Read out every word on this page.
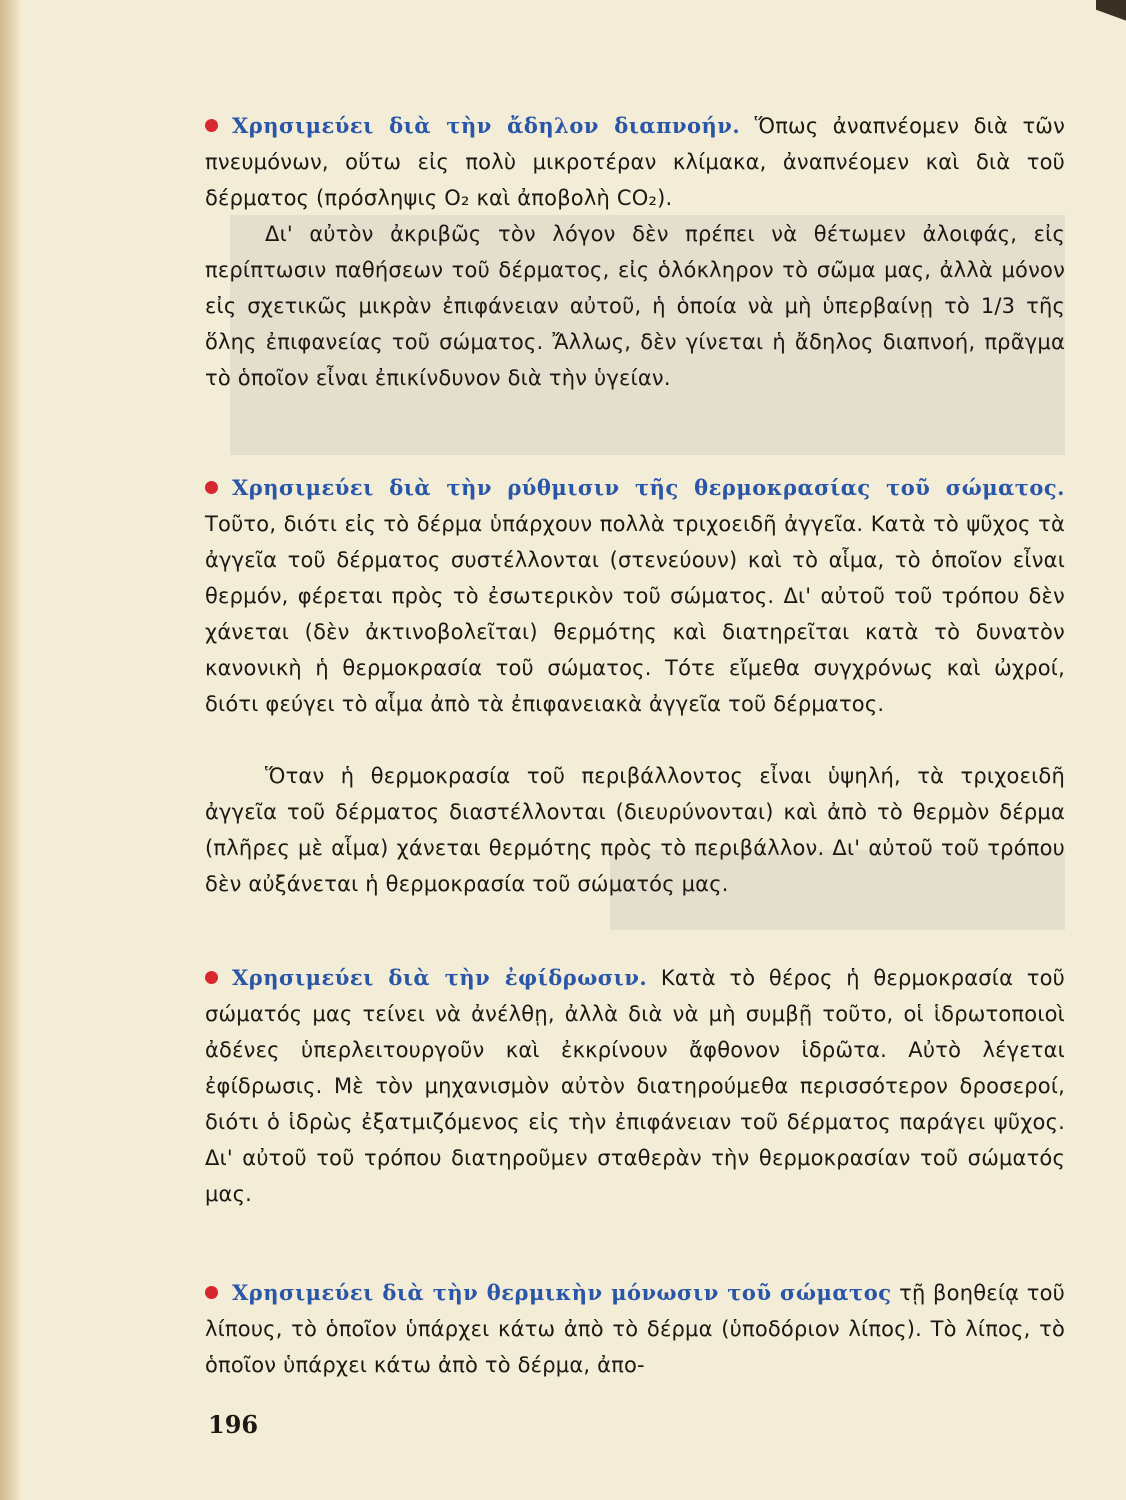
Χρησιμεύει διὰ τὴν ἄδηλον διαπνοήν. Ὅπως ἀναπνέομεν διὰ τῶν πνευμόνων, οὕτω εἰς πολὺ μικροτέραν κλίμακα, ἀναπνέομεν καὶ διὰ τοῦ δέρματος (πρόσληψις O₂ καὶ ἀποβολὴ CO₂).
Δι' αὐτὸν ἀκριβῶς τὸν λόγον δὲν πρέπει νὰ θέτωμεν ἀλοιφάς, εἰς περίπτωσιν παθήσεων τοῦ δέρματος, εἰς ὁλόκληρον τὸ σῶμα μας, ἀλλὰ μόνον εἰς σχετικῶς μικρὰν ἐπιφάνειαν αὐτοῦ, ἡ ὁποία νὰ μὴ ὑπερβαίνῃ τὸ 1/3 τῆς ὅλης ἐπιφανείας τοῦ σώματος. Ἄλλως, δὲν γίνεται ἡ ἄδηλος διαπνοή, πρᾶγμα τὸ ὁποῖον εἶναι ἐπικίνδυνον διὰ τὴν ὑγείαν.
Χρησιμεύει διὰ τὴν ρύθμισιν τῆς θερμοκρασίας τοῦ σώματος. Τοῦτο, διότι εἰς τὸ δέρμα ὑπάρχουν πολλὰ τριχοειδῆ ἀγγεῖα. Κατὰ τὸ ψῦχος τὰ ἀγγεῖα τοῦ δέρματος συστέλλονται (στενεύουν) καὶ τὸ αἷμα, τὸ ὁποῖον εἶναι θερμόν, φέρεται πρὸς τὸ ἐσωτερικὸν τοῦ σώματος. Δι' αὐτοῦ τοῦ τρόπου δὲν χάνεται (δὲν ἀκτινοβολεῖται) θερμότης καὶ διατηρεῖται κατὰ τὸ δυνατὸν κανονικὴ ἡ θερμοκρασία τοῦ σώματος. Τότε εἴμεθα συγχρόνως καὶ ὠχροί, διότι φεύγει τὸ αἷμα ἀπὸ τὰ ἐπιφανειακὰ ἀγγεῖα τοῦ δέρματος.
Ὅταν ἡ θερμοκρασία τοῦ περιβάλλοντος εἶναι ὑψηλή, τὰ τριχοειδῆ ἀγγεῖα τοῦ δέρματος διαστέλλονται (διευρύνονται) καὶ ἀπὸ τὸ θερμὸν δέρμα (πλῆρες μὲ αἷμα) χάνεται θερμότης πρὸς τὸ περιβάλλον. Δι' αὐτοῦ τοῦ τρόπου δὲν αὐξάνεται ἡ θερμοκρασία τοῦ σώματός μας.
Χρησιμεύει διὰ τὴν ἐφίδρωσιν. Κατὰ τὸ θέρος ἡ θερμοκρασία τοῦ σώματός μας τείνει νὰ ἀνέλθῃ, ἀλλὰ διὰ νὰ μὴ συμβῇ τοῦτο, οἱ ἱδρωτοποιοὶ ἀδένες ὑπερλειτουργοῦν καὶ ἐκκρίνουν ἄφθονον ἱδρῶτα. Αὐτὸ λέγεται ἐφίδρωσις. Μὲ τὸν μηχανισμὸν αὐτὸν διατηρούμεθα περισσότερον δροσεροί, διότι ὁ ἱδρὼς ἐξατμιζόμενος εἰς τὴν ἐπιφάνειαν τοῦ δέρματος παράγει ψῦχος. Δι' αὐτοῦ τοῦ τρόπου διατηροῦμεν σταθερὰν τὴν θερμοκρασίαν τοῦ σώματός μας.
Χρησιμεύει διὰ τὴν θερμικὴν μόνωσιν τοῦ σώματος τῇ βοηθείᾳ τοῦ λίπους, τὸ ὁποῖον ὑπάρχει κάτω ἀπὸ τὸ δέρμα (ὑποδόριον λίπος). Τὸ λίπος, τὸ ὁποῖον ὑπάρχει κάτω ἀπὸ τὸ δέρμα, ἀπο-
196
